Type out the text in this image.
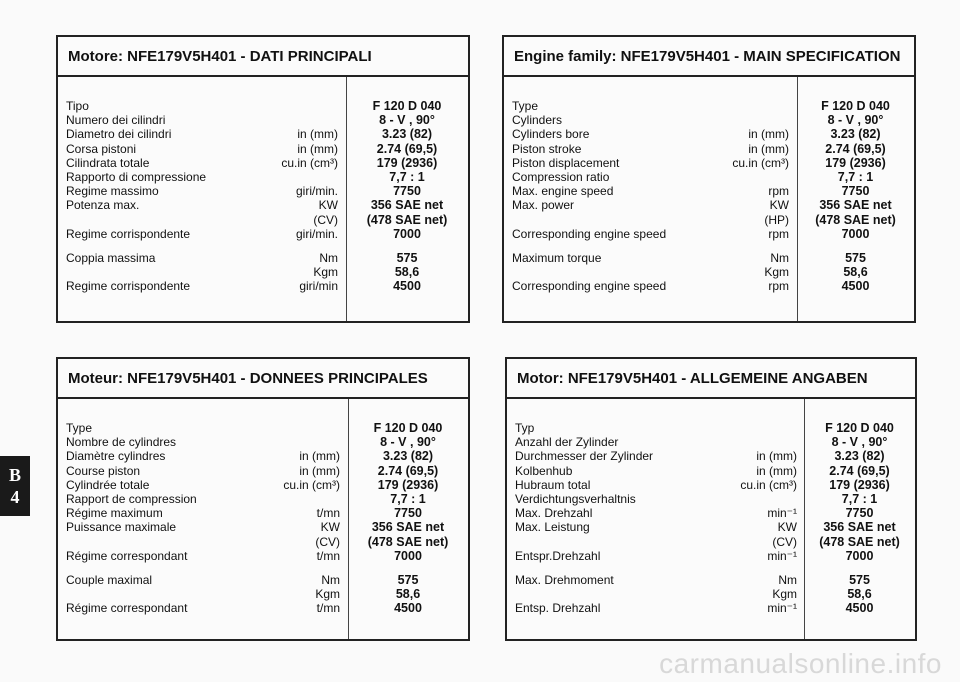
Motore: NFE179V5H401 - DATI PRINCIPALI
Tipo	F 120 D 040
Numero dei cilindri	8 - V , 90°
Diametro dei cilindri	in (mm)	3.23 (82)
Corsa pistoni	in (mm)	2.74 (69,5)
Cilindrata totale	cu.in (cm³)	179 (2936)
Rapporto di compressione	7,7 : 1
Regime massimo	giri/min.	7750
Potenza max.	KW	356 SAE net
(CV)	(478 SAE net)
Regime corrispondente	giri/min.	7000
Coppia massima	Nm	575
Kgm	58,6
Regime corrispondente	giri/min	4500
Engine family: NFE179V5H401 - MAIN SPECIFICATION
Type	F 120 D 040
Cylinders	8 - V , 90°
Cylinders bore	in (mm)	3.23 (82)
Piston stroke	in (mm)	2.74 (69,5)
Piston displacement	cu.in (cm³)	179 (2936)
Compression ratio	7,7 : 1
Max. engine speed	rpm	7750
Max. power	KW	356 SAE net
(HP)	(478 SAE net)
Corresponding engine speed	rpm	7000
Maximum torque	Nm	575
Kgm	58,6
Corresponding engine speed	rpm	4500
Moteur: NFE179V5H401 - DONNEES PRINCIPALES
Type	F 120 D 040
Nombre de cylindres	8 - V , 90°
Diamètre cylindres	in (mm)	3.23 (82)
Course piston	in (mm)	2.74 (69,5)
Cylindrée totale	cu.in (cm³)	179 (2936)
Rapport de compression	7,7 : 1
Régime maximum	t/mn	7750
Puissance maximale	KW	356 SAE net
(CV)	(478 SAE net)
Régime correspondant	t/mn	7000
Couple maximal	Nm	575
Kgm	58,6
Régime correspondant	t/mn	4500
Motor: NFE179V5H401 - ALLGEMEINE ANGABEN
Typ	F 120 D 040
Anzahl der Zylinder	8 - V , 90°
Durchmesser der Zylinder	in (mm)	3.23 (82)
Kolbenhub	in (mm)	2.74 (69,5)
Hubraum total	cu.in (cm³)	179 (2936)
Verdichtungsverhaltnis	7,7 : 1
Max. Drehzahl	min⁻¹	7750
Max. Leistung	KW	356 SAE net
(CV)	(478 SAE net)
Entspr.Drehzahl	min⁻¹	7000
Max. Drehmoment	Nm	575
Kgm	58,6
Entsp. Drehzahl	min⁻¹	4500
B
4
carmanualsonline.info
